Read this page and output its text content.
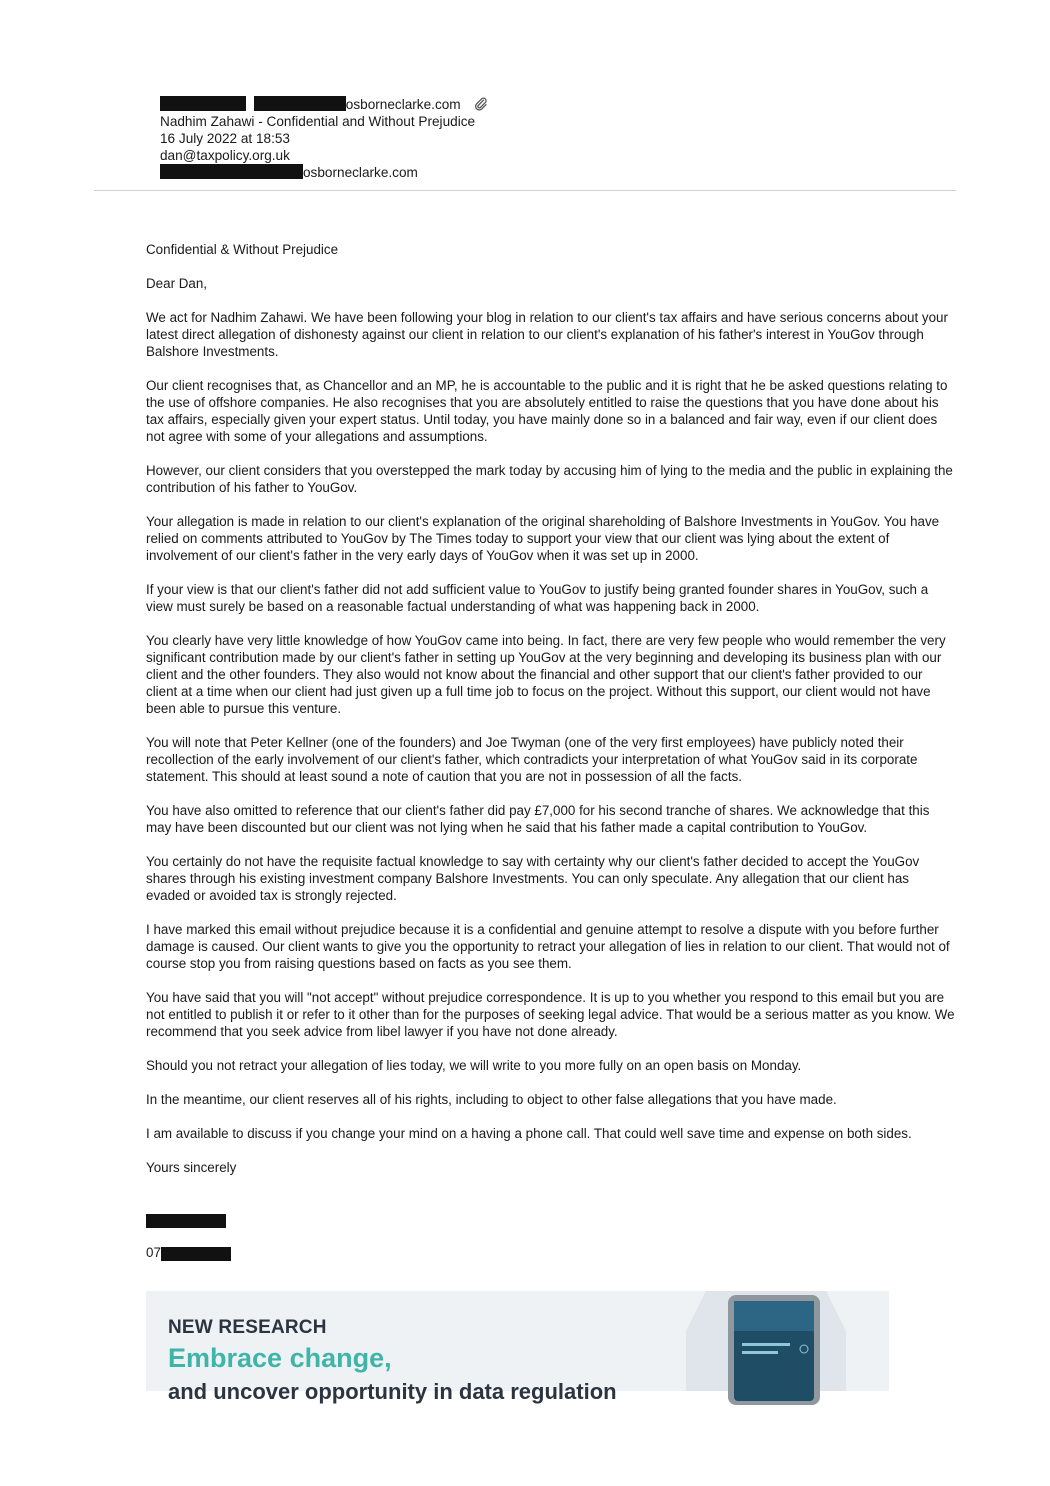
osborneclarke.com
Nadhim Zahawi - Confidential and Without Prejudice
16 July 2022 at 18:53
dan@taxpolicy.org.uk
osborneclarke.com

Confidential & Without Prejudice

Dear Dan,

We act for Nadhim Zahawi. We have been following your blog in relation to our client's tax affairs and have serious concerns about your latest direct allegation of dishonesty against our client in relation to our client's explanation of his father's interest in YouGov through Balshore Investments.

Our client recognises that, as Chancellor and an MP, he is accountable to the public and it is right that he be asked questions relating to the use of offshore companies. He also recognises that you are absolutely entitled to raise the questions that you have done about his tax affairs, especially given your expert status. Until today, you have mainly done so in a balanced and fair way, even if our client does not agree with some of your allegations and assumptions.

However, our client considers that you overstepped the mark today by accusing him of lying to the media and the public in explaining the contribution of his father to YouGov.

Your allegation is made in relation to our client's explanation of the original shareholding of Balshore Investments in YouGov. You have relied on comments attributed to YouGov by The Times today to support your view that our client was lying about the extent of involvement of our client's father in the very early days of YouGov when it was set up in 2000.

If your view is that our client's father did not add sufficient value to YouGov to justify being granted founder shares in YouGov, such a view must surely be based on a reasonable factual understanding of what was happening back in 2000.

You clearly have very little knowledge of how YouGov came into being. In fact, there are very few people who would remember the very significant contribution made by our client's father in setting up YouGov at the very beginning and developing its business plan with our client and the other founders. They also would not know about the financial and other support that our client's father provided to our client at a time when our client had just given up a full time job to focus on the project. Without this support, our client would not have been able to pursue this venture.

You will note that Peter Kellner (one of the founders) and Joe Twyman (one of the very first employees) have publicly noted their recollection of the early involvement of our client's father, which contradicts your interpretation of what YouGov said in its corporate statement. This should at least sound a note of caution that you are not in possession of all the facts.

You have also omitted to reference that our client's father did pay £7,000 for his second tranche of shares. We acknowledge that this may have been discounted but our client was not lying when he said that his father made a capital contribution to YouGov.

You certainly do not have the requisite factual knowledge to say with certainty why our client's father decided to accept the YouGov shares through his existing investment company Balshore Investments. You can only speculate. Any allegation that our client has evaded or avoided tax is strongly rejected.

I have marked this email without prejudice because it is a confidential and genuine attempt to resolve a dispute with you before further damage is caused. Our client wants to give you the opportunity to retract your allegation of lies in relation to our client. That would not of course stop you from raising questions based on facts as you see them.

You have said that you will "not accept" without prejudice correspondence. It is up to you whether you respond to this email but you are not entitled to publish it or refer to it other than for the purposes of seeking legal advice. That would be a serious matter as you know. We recommend that you seek advice from libel lawyer if you have not done already.

Should you not retract your allegation of lies today, we will write to you more fully on an open basis on Monday.

In the meantime, our client reserves all of his rights, including to object to other false allegations that you have made.

I am available to discuss if you change your mind on a having a phone call. That could well save time and expense on both sides.

Yours sincerely

07
NEW RESEARCH
Embrace change,
and uncover opportunity in data regulation
